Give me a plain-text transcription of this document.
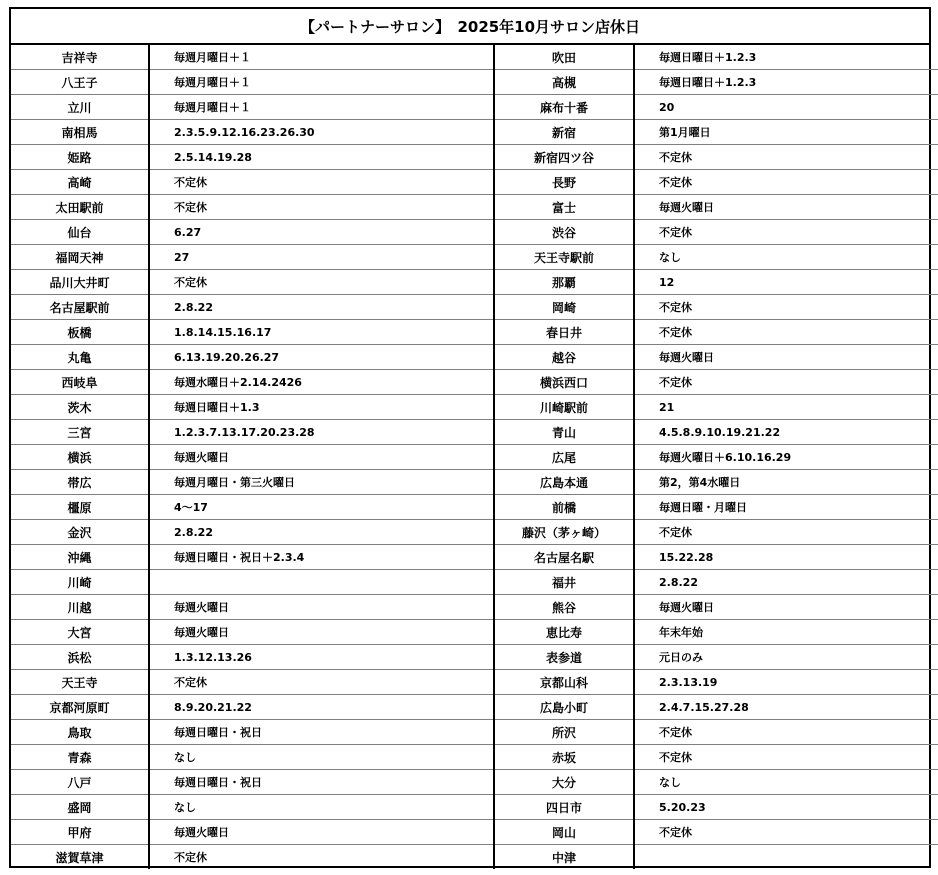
【パートナーサロン】　2025年10月サロン店休日
吉祥寺	毎週月曜日＋１	吹田	毎週日曜日＋1.2.3
八王子	毎週月曜日＋１	高槻	毎週日曜日＋1.2.3
立川	毎週月曜日＋１	麻布十番	20
南相馬	2.3.5.9.12.16.23.26.30	新宿	第1月曜日
姫路	2.5.14.19.28	新宿四ツ谷	不定休
高崎	不定休	長野	不定休
太田駅前	不定休	富士	毎週火曜日
仙台	6.27	渋谷	不定休
福岡天神	27	天王寺駅前	なし
品川大井町	不定休	那覇	12
名古屋駅前	2.8.22	岡崎	不定休
板橋	1.8.14.15.16.17	春日井	不定休
丸亀	6.13.19.20.26.27	越谷	毎週火曜日
西岐阜	毎週水曜日＋2.14.2426	横浜西口	不定休
茨木	毎週日曜日＋1.3	川崎駅前	21
三宮	1.2.3.7.13.17.20.23.28	青山	4.5.8.9.10.19.21.22
横浜	毎週火曜日	広尾	毎週火曜日＋6.10.16.29
帯広	毎週月曜日・第三火曜日	広島本通	第2，第4水曜日
橿原	4～17	前橋	毎週日曜・月曜日
金沢	2.8.22	藤沢（茅ヶ崎）	不定休
沖縄	毎週日曜日・祝日＋2.3.4	名古屋名駅	15.22.28
川崎		福井	2.8.22
川越	毎週火曜日	熊谷	毎週火曜日
大宮	毎週火曜日	恵比寿	年末年始
浜松	1.3.12.13.26	表参道	元日のみ
天王寺	不定休	京都山科	2.3.13.19
京都河原町	8.9.20.21.22	広島小町	2.4.7.15.27.28
鳥取	毎週日曜日・祝日	所沢	不定休
青森	なし	赤坂	不定休
八戸	毎週日曜日・祝日	大分	なし
盛岡	なし	四日市	5.20.23
甲府	毎週火曜日	岡山	不定休
滋賀草津	不定休	中津	
